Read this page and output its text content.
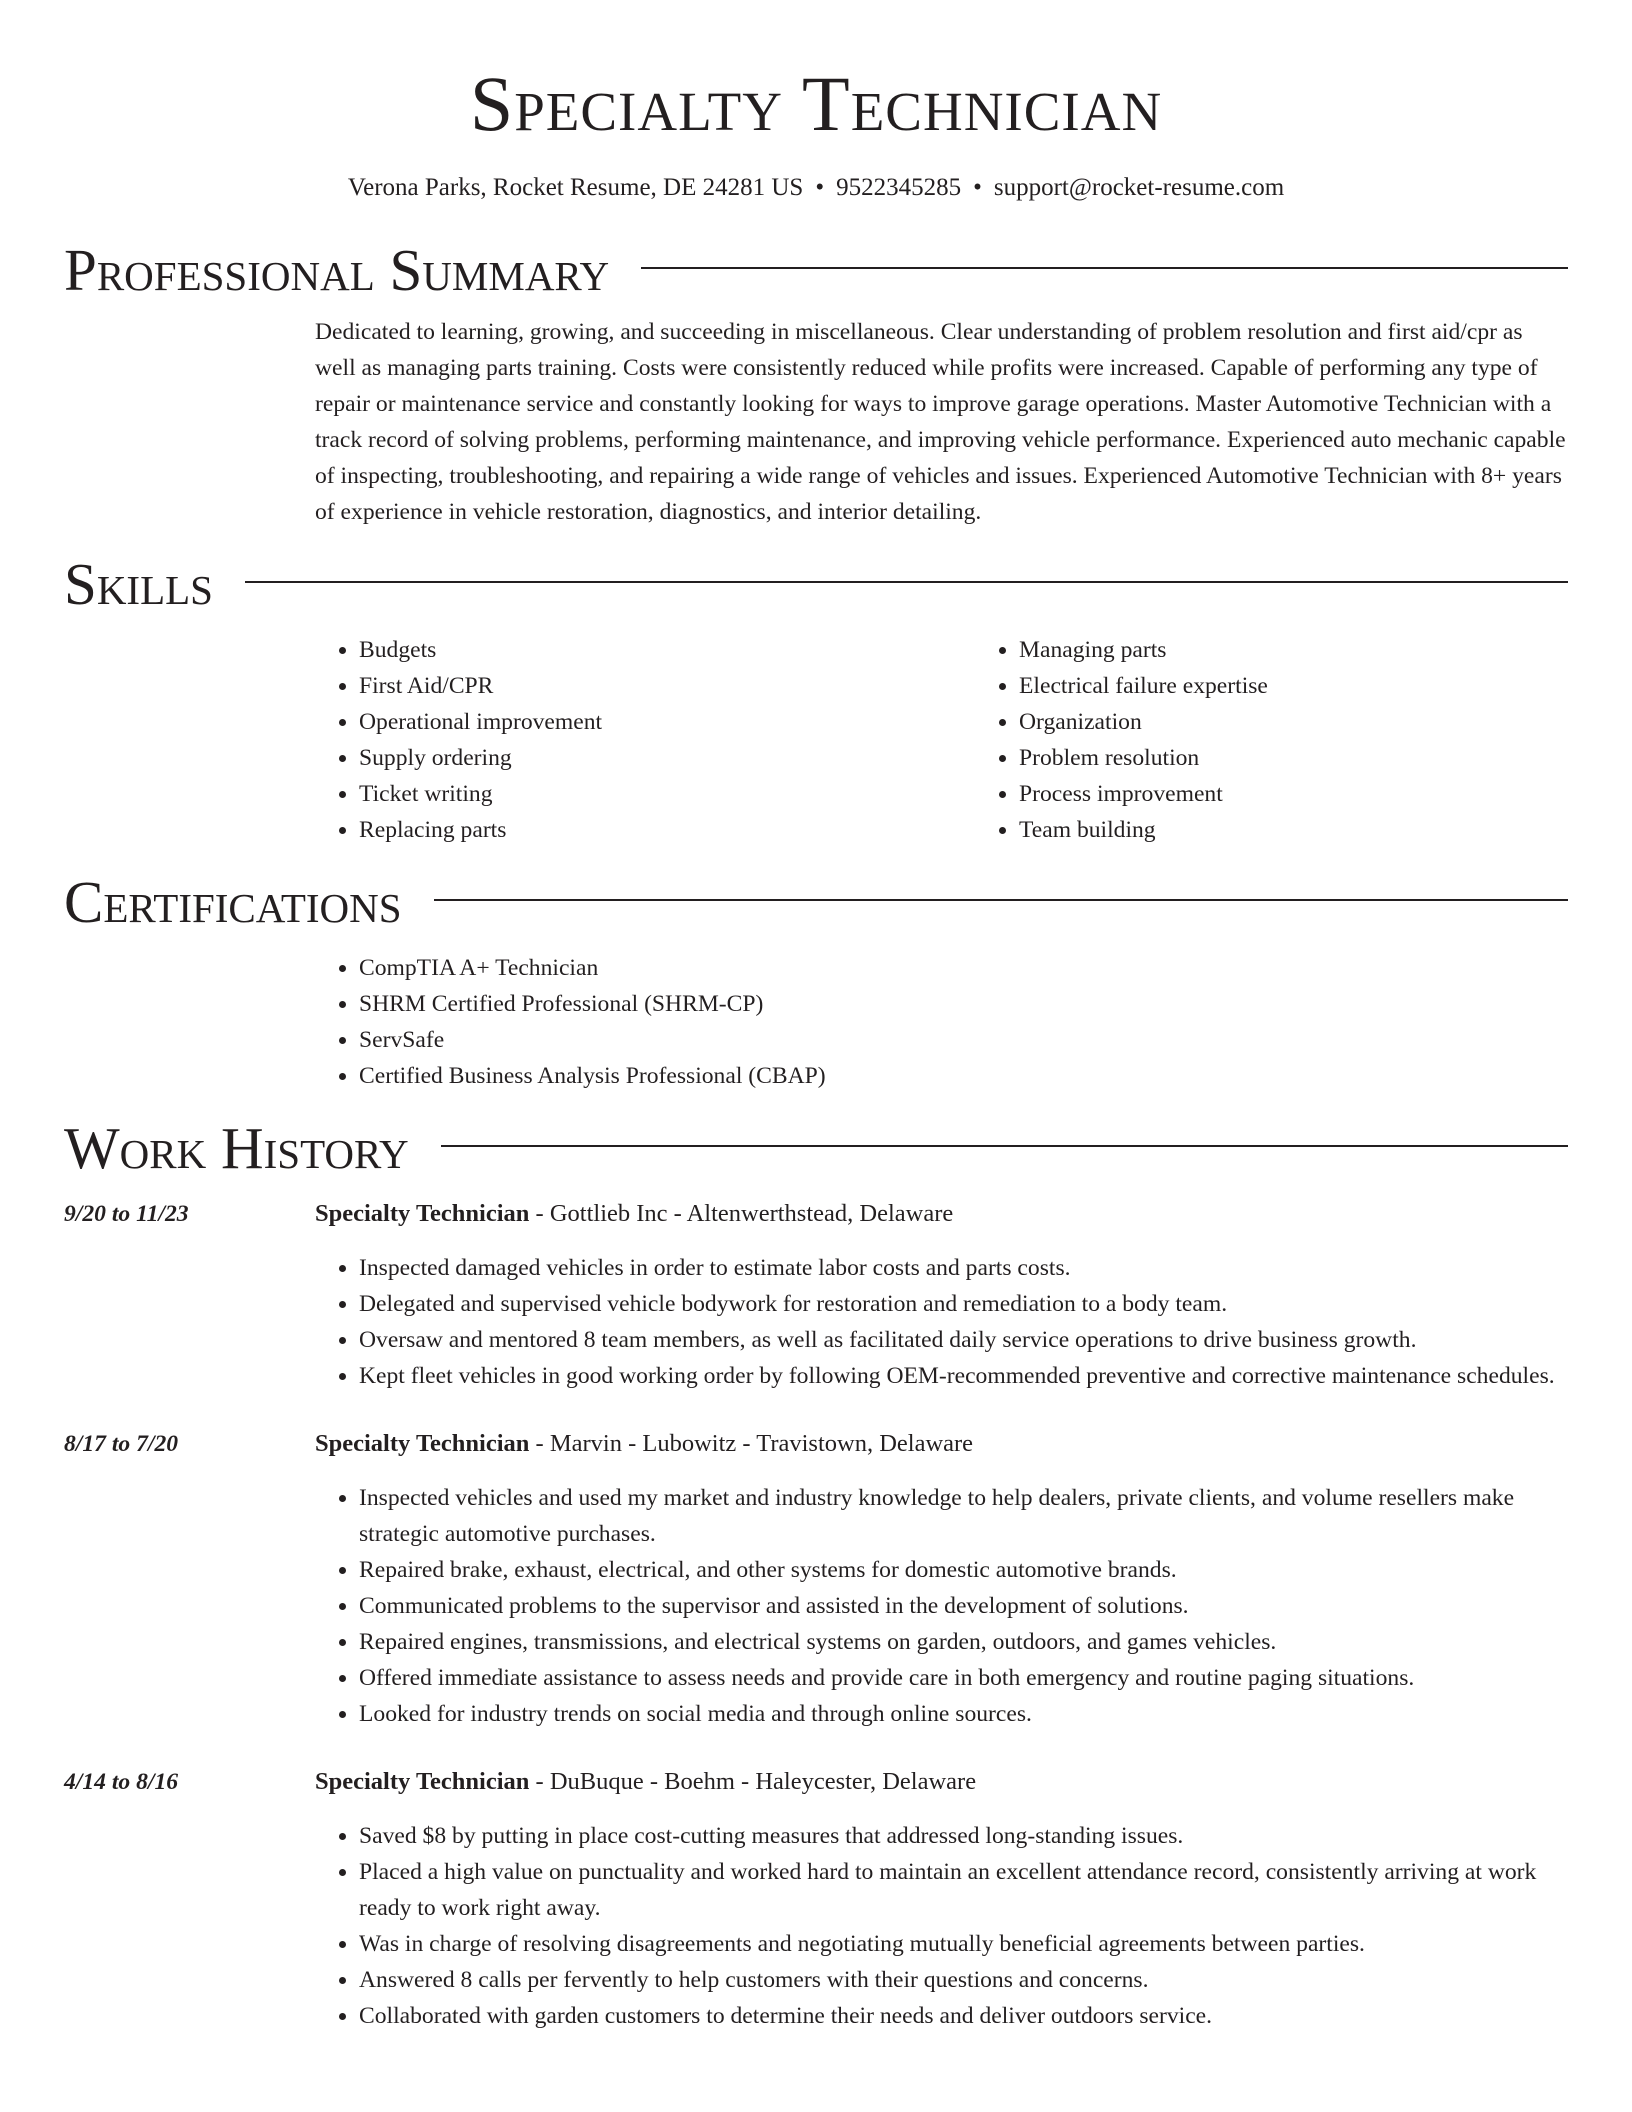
Specialty Technician
Verona Parks, Rocket Resume, DE 24281 US • 9522345285 • support@rocket-resume.com
Professional Summary

Dedicated to learning, growing, and succeeding in miscellaneous. Clear understanding of problem resolution and first aid/cpr as well as managing parts training. Costs were consistently reduced while profits were increased. Capable of performing any type of repair or maintenance service and constantly looking for ways to improve garage operations. Master Automotive Technician with a track record of solving problems, performing maintenance, and improving vehicle performance. Experienced auto mechanic capable of inspecting, troubleshooting, and repairing a wide range of vehicles and issues. Experienced Automotive Technician with 8+ years of experience in vehicle restoration, diagnostics, and interior detailing.

Skills
• Budgets
• First Aid/CPR
• Operational improvement
• Supply ordering
• Ticket writing
• Replacing parts
• Managing parts
• Electrical failure expertise
• Organization
• Problem resolution
• Process improvement
• Team building
Certifications
• CompTIA A+ Technician
• SHRM Certified Professional (SHRM-CP)
• ServSafe
• Certified Business Analysis Professional (CBAP)
Work History
9/20 to 11/23	Specialty Technician - Gottlieb Inc - Altenwerthstead, Delaware
• Inspected damaged vehicles in order to estimate labor costs and parts costs.
• Delegated and supervised vehicle bodywork for restoration and remediation to a body team.
• Oversaw and mentored 8 team members, as well as facilitated daily service operations to drive business growth.
• Kept fleet vehicles in good working order by following OEM-recommended preventive and corrective maintenance schedules.
8/17 to 7/20	Specialty Technician - Marvin - Lubowitz - Travistown, Delaware
• Inspected vehicles and used my market and industry knowledge to help dealers, private clients, and volume resellers make strategic automotive purchases.
• Repaired brake, exhaust, electrical, and other systems for domestic automotive brands.
• Communicated problems to the supervisor and assisted in the development of solutions.
• Repaired engines, transmissions, and electrical systems on garden, outdoors, and games vehicles.
• Offered immediate assistance to assess needs and provide care in both emergency and routine paging situations.
• Looked for industry trends on social media and through online sources.
4/14 to 8/16	Specialty Technician - DuBuque - Boehm - Haleycester, Delaware
• Saved $8 by putting in place cost-cutting measures that addressed long-standing issues.
• Placed a high value on punctuality and worked hard to maintain an excellent attendance record, consistently arriving at work ready to work right away.
• Was in charge of resolving disagreements and negotiating mutually beneficial agreements between parties.
• Answered 8 calls per fervently to help customers with their questions and concerns.
• Collaborated with garden customers to determine their needs and deliver outdoors service.
